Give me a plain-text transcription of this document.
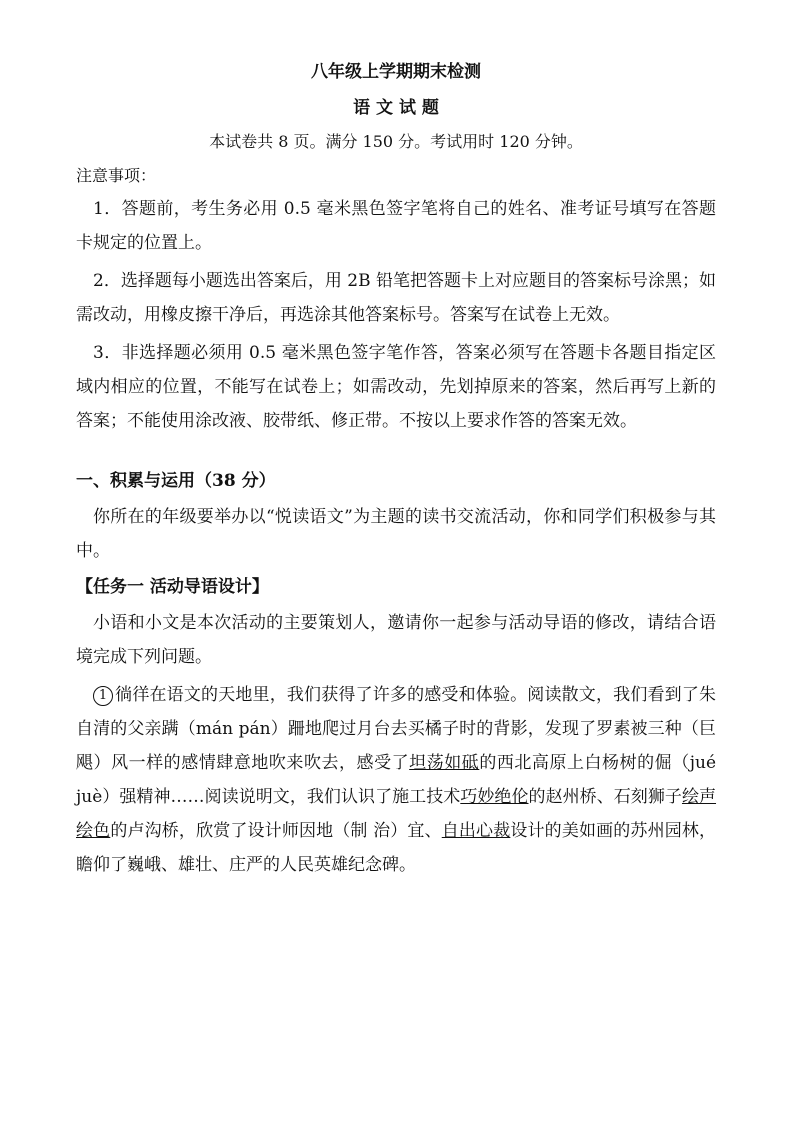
八年级上学期期末检测
语 文 试 题
本试卷共 8 页。满分 150 分。考试用时 120 分钟。
注意事项：

1．答题前，考生务必用 0.5 毫米黑色签字笔将自己的姓名、准考证号填写在答题卡规定的位置上。

2．选择题每小题选出答案后，用 2B 铅笔把答题卡上对应题目的答案标号涂黑；如需改动，用橡皮擦干净后，再选涂其他答案标号。答案写在试卷上无效。

3．非选择题必须用 0.5 毫米黑色签字笔作答，答案必须写在答题卡各题目指定区域内相应的位置，不能写在试卷上；如需改动，先划掉原来的答案，然后再写上新的答案；不能使用涂改液、胶带纸、修正带。不按以上要求作答的答案无效。

一、积累与运用（38 分）

你所在的年级要举办以“悦读语文”为主题的读书交流活动，你和同学们积极参与其中。

【任务一 活动导语设计】

小语和小文是本次活动的主要策划人，邀请你一起参与活动导语的修改，请结合语境完成下列问题。

1 徜徉在语文的天地里，我们获得了许多的感受和体验。阅读散文，我们看到了朱自清的父亲蹒（mán pán）跚地爬过月台去买橘子时的背影，发现了罗素被三种（巨 飓）风一样的感情肆意地吹来吹去，感受了坦荡如砥的西北高原上白杨树的倔（jué juè）强精神……阅读说明文，我们认识了施工技术巧妙绝伦的赵州桥、石刻狮子绘声绘色的卢沟桥，欣赏了设计师因地（制 治）宜、自出心裁设计的美如画的苏州园林，瞻仰了巍峨、雄壮、庄严的人民英雄纪念碑。
